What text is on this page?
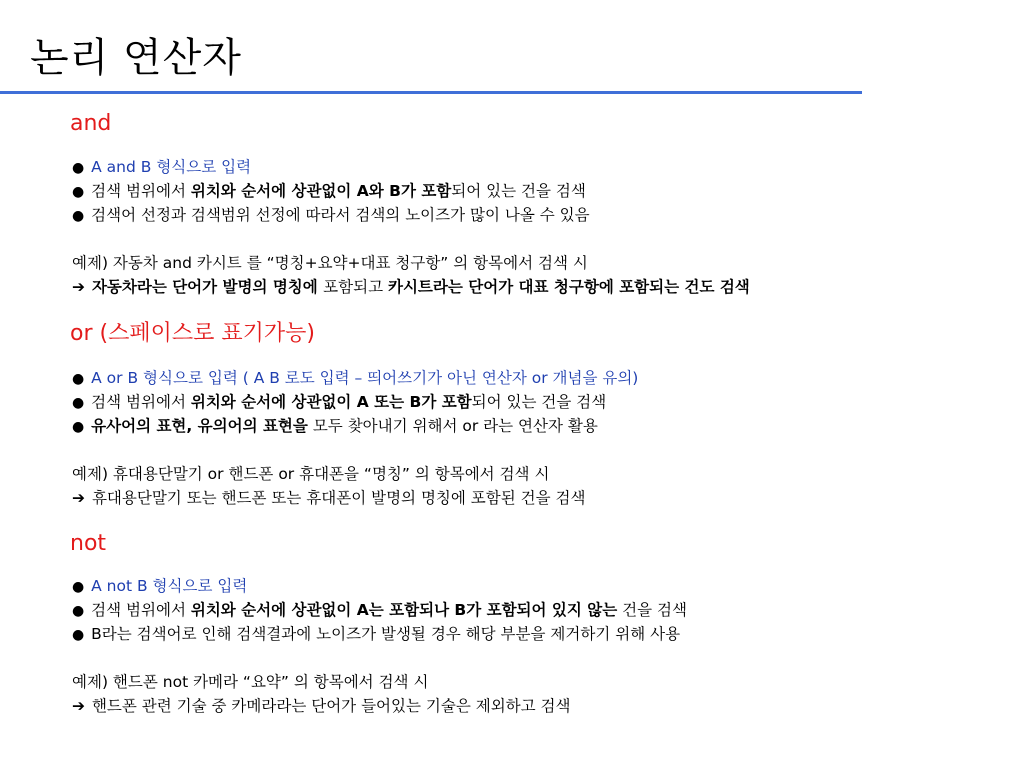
논리 연산자
and
● A and B 형식으로 입력
● 검색 범위에서 위치와 순서에 상관없이 A와 B가 포함되어 있는 건을 검색
● 검색어 선정과 검색범위 선정에 따라서 검색의 노이즈가 많이 나올 수 있음
예제) 자동차 and 카시트 를 “명칭+요약+대표 청구항” 의 항목에서 검색 시
➔ 자동차라는 단어가 발명의 명칭에 포함되고 카시트라는 단어가 대표 청구항에 포함되는 건도 검색
or (스페이스로 표기가능)
● A or B 형식으로 입력 ( A B 로도 입력 – 띄어쓰기가 아닌 연산자 or 개념을 유의)
● 검색 범위에서 위치와 순서에 상관없이 A 또는 B가 포함되어 있는 건을 검색
● 유사어의 표현, 유의어의 표현을 모두 찾아내기 위해서 or 라는 연산자 활용
예제) 휴대용단말기 or 핸드폰 or 휴대폰을 “명칭” 의 항목에서 검색 시
➔ 휴대용단말기 또는 핸드폰 또는 휴대폰이 발명의 명칭에 포함된 건을 검색
not
● A not B 형식으로 입력
● 검색 범위에서 위치와 순서에 상관없이 A는 포함되나 B가 포함되어 있지 않는 건을 검색
● B라는 검색어로 인해 검색결과에 노이즈가 발생될 경우 해당 부분을 제거하기 위해 사용
예제) 핸드폰 not 카메라 “요약” 의 항목에서 검색 시
➔ 핸드폰 관련 기술 중 카메라라는 단어가 들어있는 기술은 제외하고 검색
